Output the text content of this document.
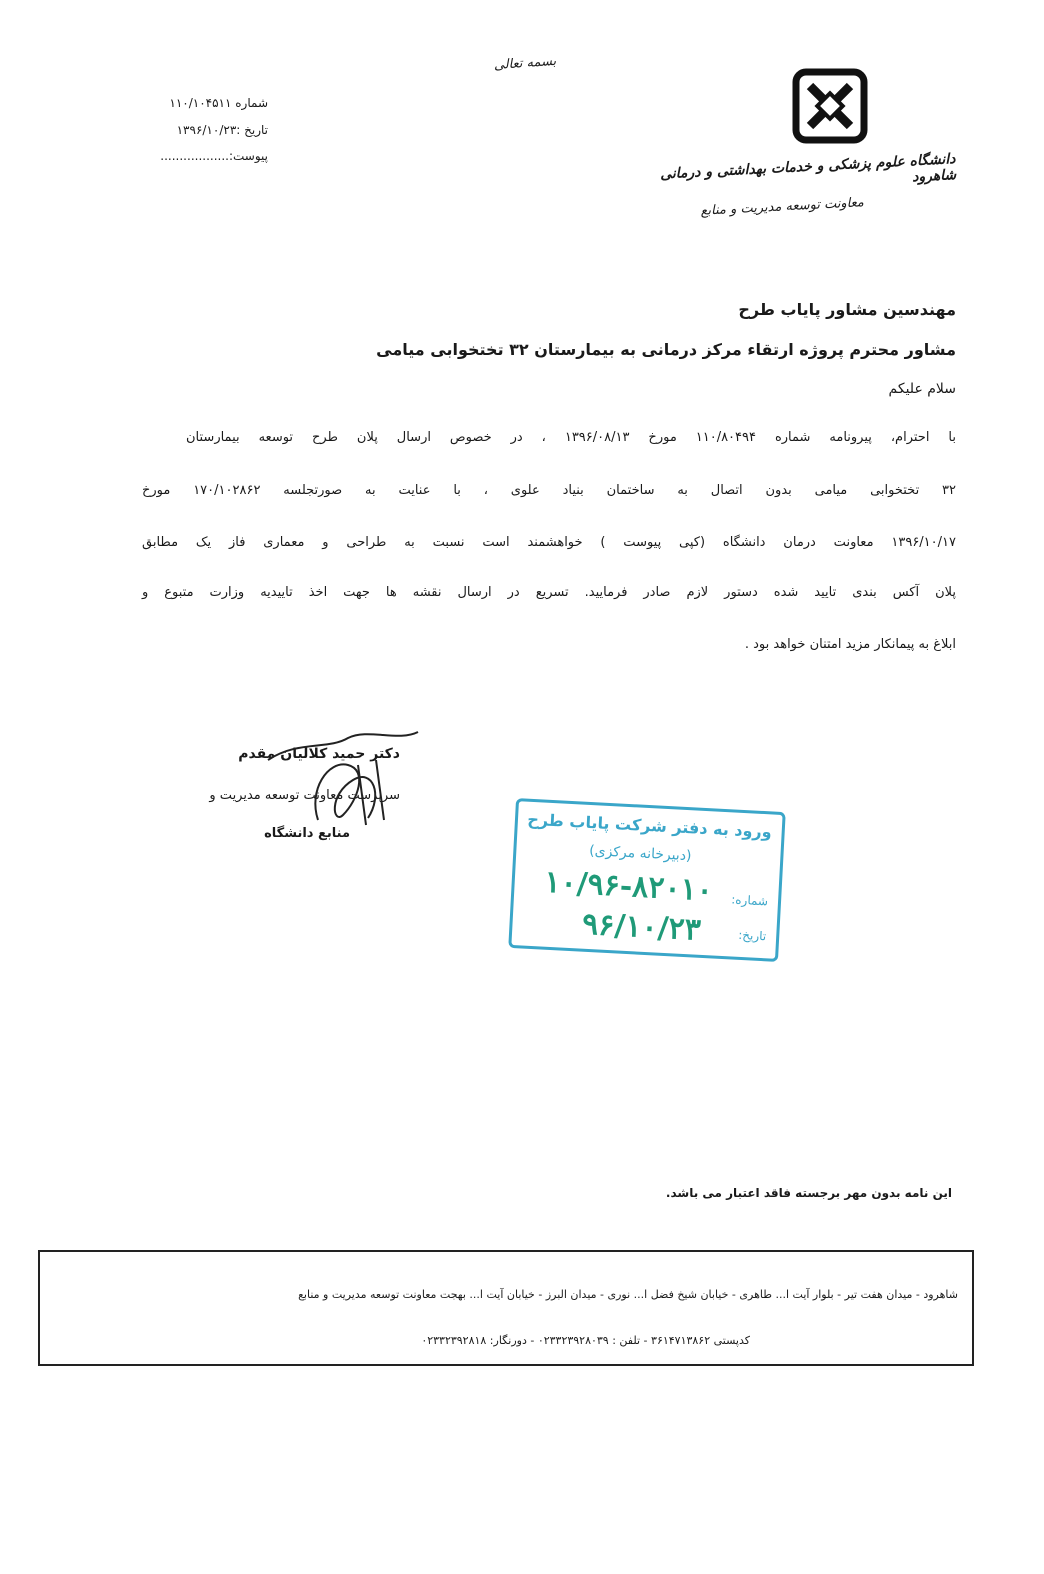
بسمه تعالی
دانشگاه علوم پزشکی و خدمات بهداشتی و درمانی شاهرود
معاونت توسعه مدیریت و منابع
شماره ۱۱۰/۱۰۴۵۱۱
تاریخ :۱۳۹۶/۱۰/۲۳
پیوست:..................
مهندسین مشاور پایاب طرح
مشاور محترم پروژه ارتقاء مرکز درمانی به بیمارستان ۳۲ تختخوابی میامی
سلام علیکم
با احترام، پیرونامه شماره ۱۱۰/۸۰۴۹۴ مورخ ۱۳۹۶/۰۸/۱۳ ، در خصوص ارسال پلان طرح توسعه بیمارستان
۳۲ تختخوابی میامی بدون اتصال به ساختمان بنیاد علوی ، با عنایت به صورتجلسه ۱۷۰/۱۰۲۸۶۲ مورخ
۱۳۹۶/۱۰/۱۷ معاونت درمان دانشگاه (کپی پیوست ) خواهشمند است نسبت به طراحی و معماری فاز یک مطابق
پلان آکس بندی تایید شده دستور لازم صادر فرمایید. تسریع در ارسال نقشه ها جهت اخذ تاییدیه وزارت متبوع و
ابلاغ به پیمانکار مزید امتنان خواهد بود .
دکتر حمید کلالیان مقدم
سرپرست معاونت توسعه مدیریت و
منابع دانشگاه	ورود به دفتر شرکت پایاب طرح
(دبیرخانه مرکزی)
شماره:
تاریخ:
۱۰/۹۶-۸۲۰۱۰
۹۶/۱۰/۲۳
این نامه بدون مهر برجسته فاقد اعتبار می باشد.
شاهرود - میدان هفت تیر - بلوار آیت ا... طاهری - خیابان شیخ فضل ا... نوری - میدان البرز - خیابان آیت ا... بهجت معاونت توسعه مدیریت و منابع
کدپستی ۳۶۱۴۷۱۳۸۶۲ - تلفن : ۰۲۳۳۲۳۹۲۸۰۳۹ - دورنگار: ۰۲۳۳۲۳۹۲۸۱۸
